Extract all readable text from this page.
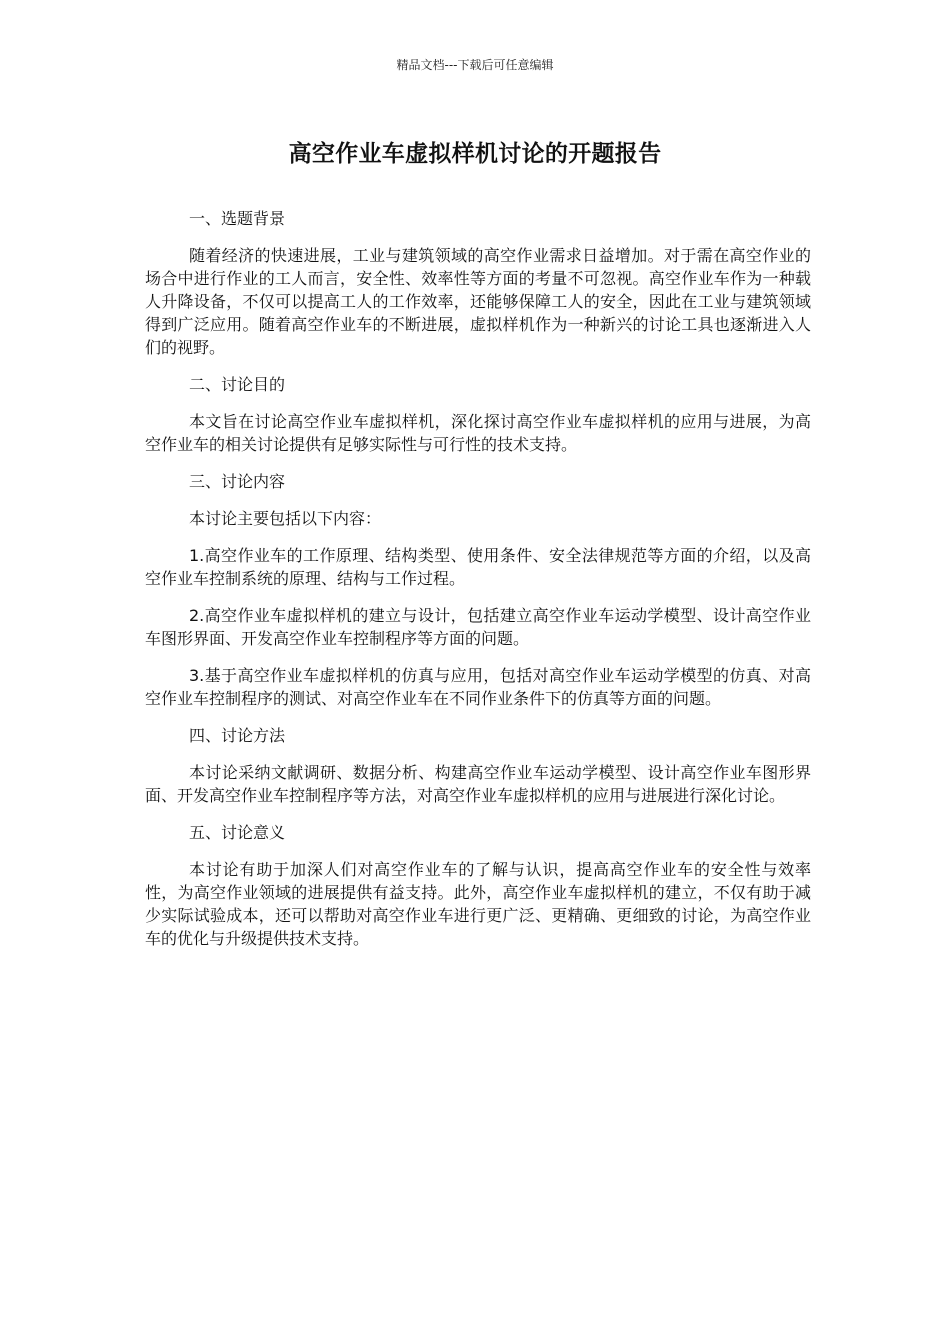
精品文档---下载后可任意编辑
高空作业车虚拟样机讨论的开题报告
一、选题背景
随着经济的快速进展，工业与建筑领域的高空作业需求日益增加。对于需在高空作业的场合中进行作业的工人而言，安全性、效率性等方面的考量不可忽视。高空作业车作为一种载人升降设备，不仅可以提高工人的工作效率，还能够保障工人的安全，因此在工业与建筑领域得到广泛应用。随着高空作业车的不断进展，虚拟样机作为一种新兴的讨论工具也逐渐进入人们的视野。
二、讨论目的
本文旨在讨论高空作业车虚拟样机，深化探讨高空作业车虚拟样机的应用与进展，为高空作业车的相关讨论提供有足够实际性与可行性的技术支持。
三、讨论内容
本讨论主要包括以下内容：
1.高空作业车的工作原理、结构类型、使用条件、安全法律规范等方面的介绍，以及高空作业车控制系统的原理、结构与工作过程。
2.高空作业车虚拟样机的建立与设计，包括建立高空作业车运动学模型、设计高空作业车图形界面、开发高空作业车控制程序等方面的问题。
3.基于高空作业车虚拟样机的仿真与应用，包括对高空作业车运动学模型的仿真、对高空作业车控制程序的测试、对高空作业车在不同作业条件下的仿真等方面的问题。
四、讨论方法
本讨论采纳文献调研、数据分析、构建高空作业车运动学模型、设计高空作业车图形界面、开发高空作业车控制程序等方法，对高空作业车虚拟样机的应用与进展进行深化讨论。
五、讨论意义
本讨论有助于加深人们对高空作业车的了解与认识，提高高空作业车的安全性与效率性，为高空作业领域的进展提供有益支持。此外，高空作业车虚拟样机的建立，不仅有助于减少实际试验成本，还可以帮助对高空作业车进行更广泛、更精确、更细致的讨论，为高空作业车的优化与升级提供技术支持。
